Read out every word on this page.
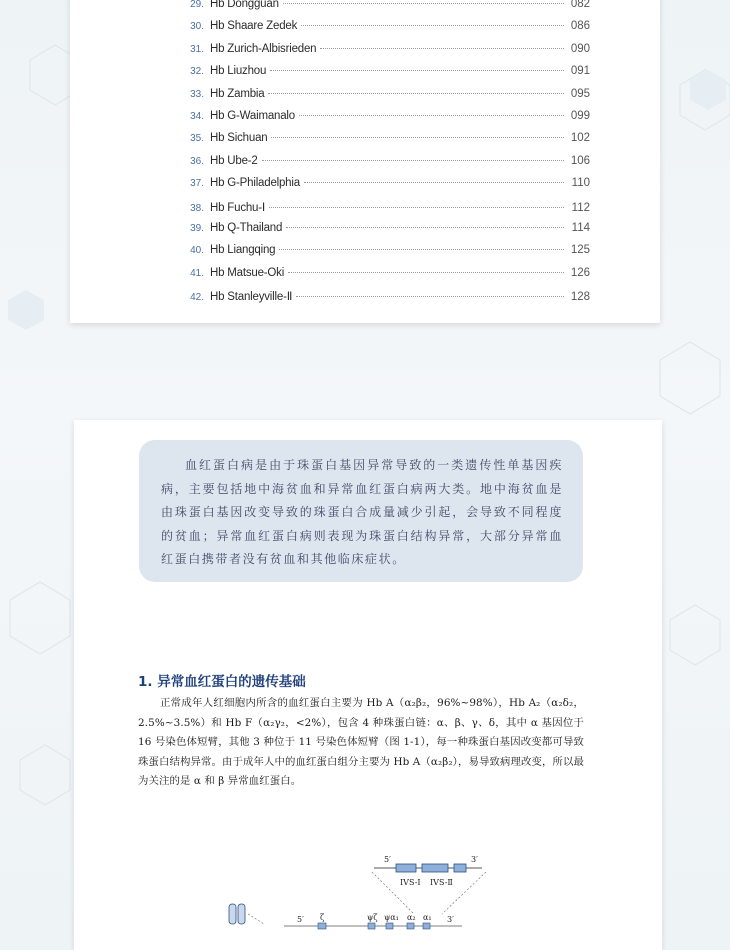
29. Hb Dongguan	082
30. Hb Shaare Zedek	086
31. Hb Zurich-Albisrieden	090
32. Hb Liuzhou	091
33. Hb Zambia	095
34. Hb G-Waimanalo	099
35. Hb Sichuan	102
36. Hb Ube-2	106
37. Hb G-Philadelphia	110
38. Hb Fuchu-Ⅰ	112
39. Hb Q-Thailand	114
40. Hb Liangqing	125
41. Hb Matsue-Oki	126
42. Hb Stanleyville-Ⅱ	128
血红蛋白病是由于珠蛋白基因异常导致的一类遗传性单基因疾病，主要包括地中海贫血和异常血红蛋白病两大类。地中海贫血是由珠蛋白基因改变导致的珠蛋白合成量减少引起，会导致不同程度的贫血；异常血红蛋白病则表现为珠蛋白结构异常，大部分异常血红蛋白携带者没有贫血和其他临床症状。
1. 异常血红蛋白的遗传基础
正常成年人红细胞内所含的血红蛋白主要为 Hb A（α₂β₂，96%~98%），Hb A₂（α₂δ₂，2.5%~3.5%）和 Hb F（α₂γ₂，<2%），包含 4 种珠蛋白链：α、β、γ、δ，其中 α 基因位于 16 号染色体短臂，其他 3 种位于 11 号染色体短臂（图 1-1），每一种珠蛋白基因改变都可导致珠蛋白结构异常。由于成年人中的血红蛋白组分主要为 Hb A（α₂β₂），易导致病理改变，所以最为关注的是 α 和 β 异常血红蛋白。
5′	3′
IVS-Ⅰ IVS-Ⅱ
5′ ζ	ψζ ψα₁ α₂ α₁ 3′
